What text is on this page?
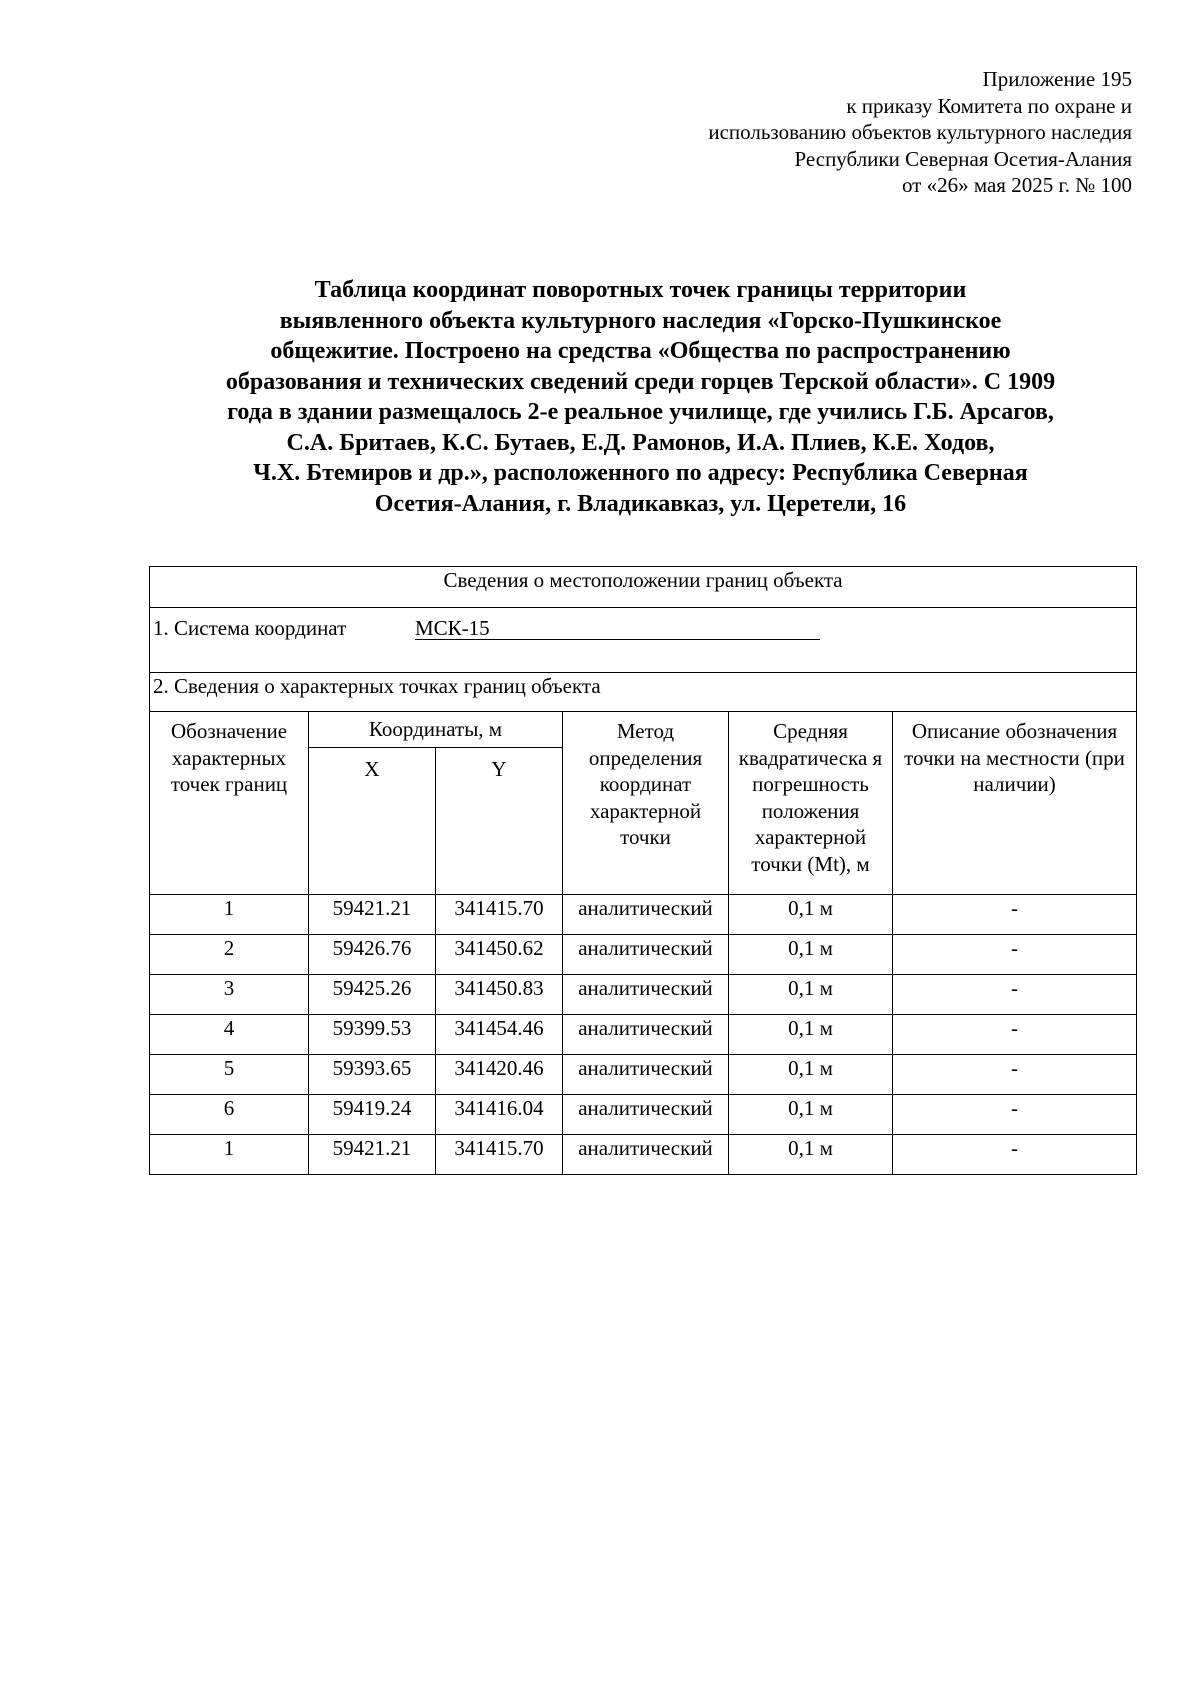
Приложение 195
к приказу Комитета по охране и
использованию объектов культурного наследия
Республики Северная Осетия-Алания
от «26» мая 2025 г. № 100
Таблица координат поворотных точек границы территории
выявленного объекта культурного наследия «Горско-Пушкинское
общежитие. Построено на средства «Общества по распространению
образования и технических сведений среди горцев Терской области». С 1909
года в здании размещалось 2-е реальное училище, где учились Г.Б. Арсагов,
С.А. Бритаев, К.С. Бутаев, Е.Д. Рамонов, И.А. Плиев, К.Е. Ходов,
Ч.Х. Бтемиров и др.», расположенного по адресу: Республика Северная
Осетия-Алания, г. Владикавказ, ул. Церетели, 16
Сведения о местоположении границ объекта					

1. Система координат МСК-15					

2. Сведения о характерных точках границ объекта					
Обозначение характерных точек границ	Координаты, м		Метод определения координат характерной точки	Средняя квадратическа я погрешность положения характерной точки (Mt), м	Описание обозначения точки на местности (при наличии)
	X	Y			
1	59421.21	341415.70	аналитический	0,1 м	-
2	59426.76	341450.62	аналитический	0,1 м	-
3	59425.26	341450.83	аналитический	0,1 м	-
4	59399.53	341454.46	аналитический	0,1 м	-
5	59393.65	341420.46	аналитический	0,1 м	-
6	59419.24	341416.04	аналитический	0,1 м	-
1	59421.21	341415.70	аналитический	0,1 м	-
